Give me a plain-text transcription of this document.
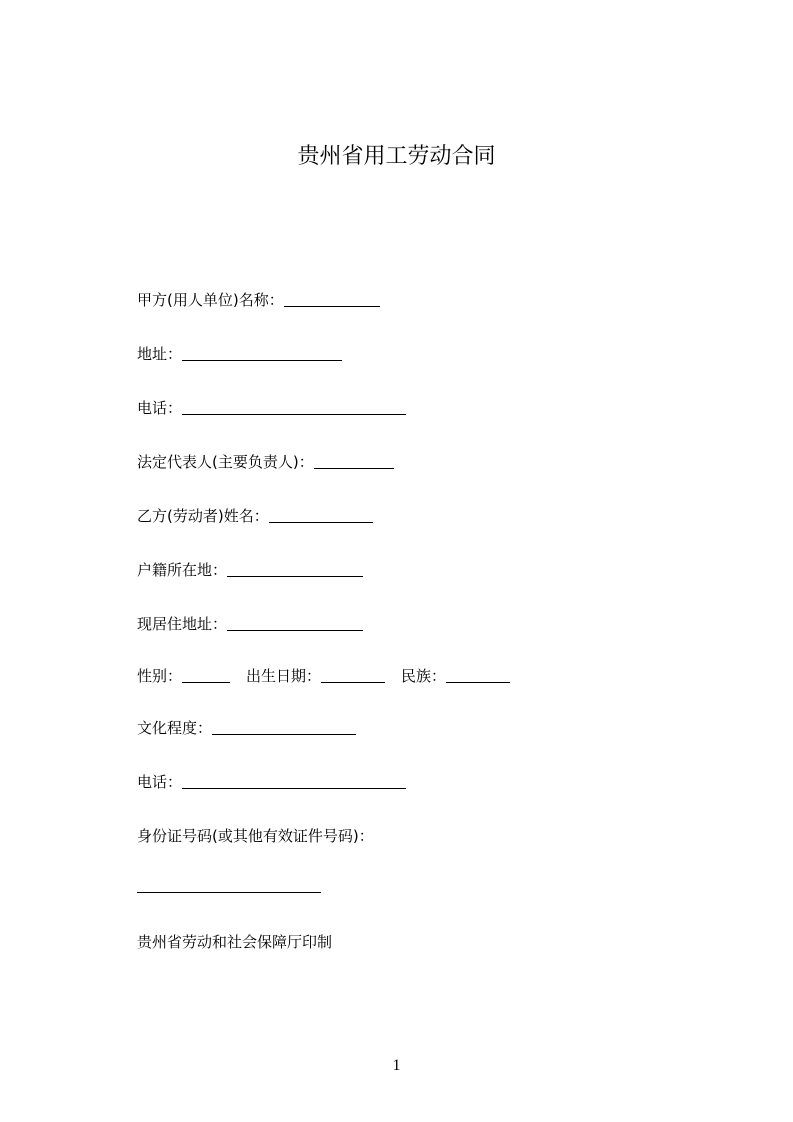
贵州省用工劳动合同
甲方(用人单位)名称：
地址：
电话：
法定代表人(主要负责人)：
乙方(劳动者)姓名：
户籍所在地：
现居住地址：
性别：	出生日期：	民族：
文化程度：
电话：
身份证号码(或其他有效证件号码)：
贵州省劳动和社会保障厅印制
1
